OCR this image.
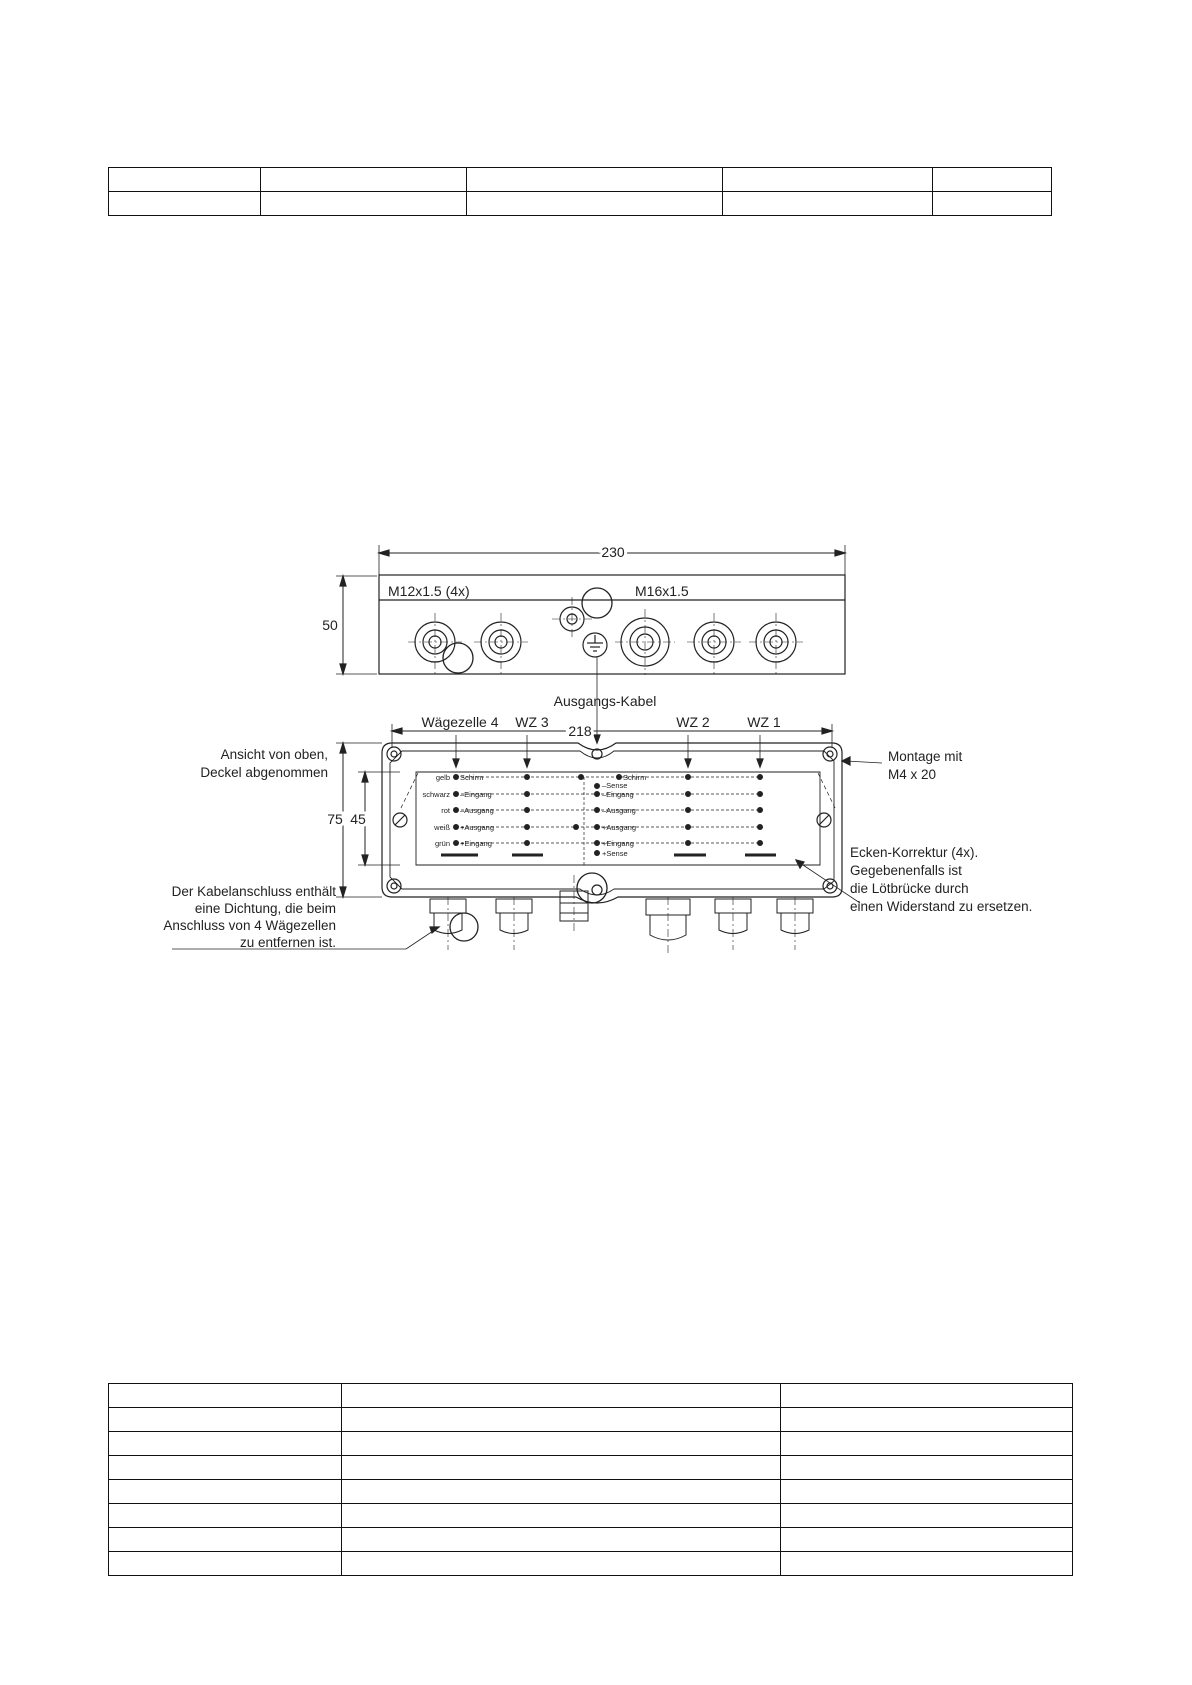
230
50
M12x1.5 (4x)	M16x1.5
Ausgangs-Kabel
Wägezelle 4 WZ 3	WZ 2	WZ 1
218
75 45
gelb Schirm
schwarz –Eingang
rot –Ausgang
weiß +Ausgang
grün +Eingang
Schirm
–Sense
–Eingang
–Ausgang
+Ausgang
+Eingang
+Sense
Ansicht von oben,
Deckel abgenommen
Montage mit
M4 x 20
Ecken-Korrektur (4x).
Gegebenenfalls ist
die Lötbrücke durch
einen Widerstand zu ersetzen.
Der Kabelanschluss enthält
eine Dichtung, die beim
Anschluss von 4 Wägezellen
zu entfernen ist.
